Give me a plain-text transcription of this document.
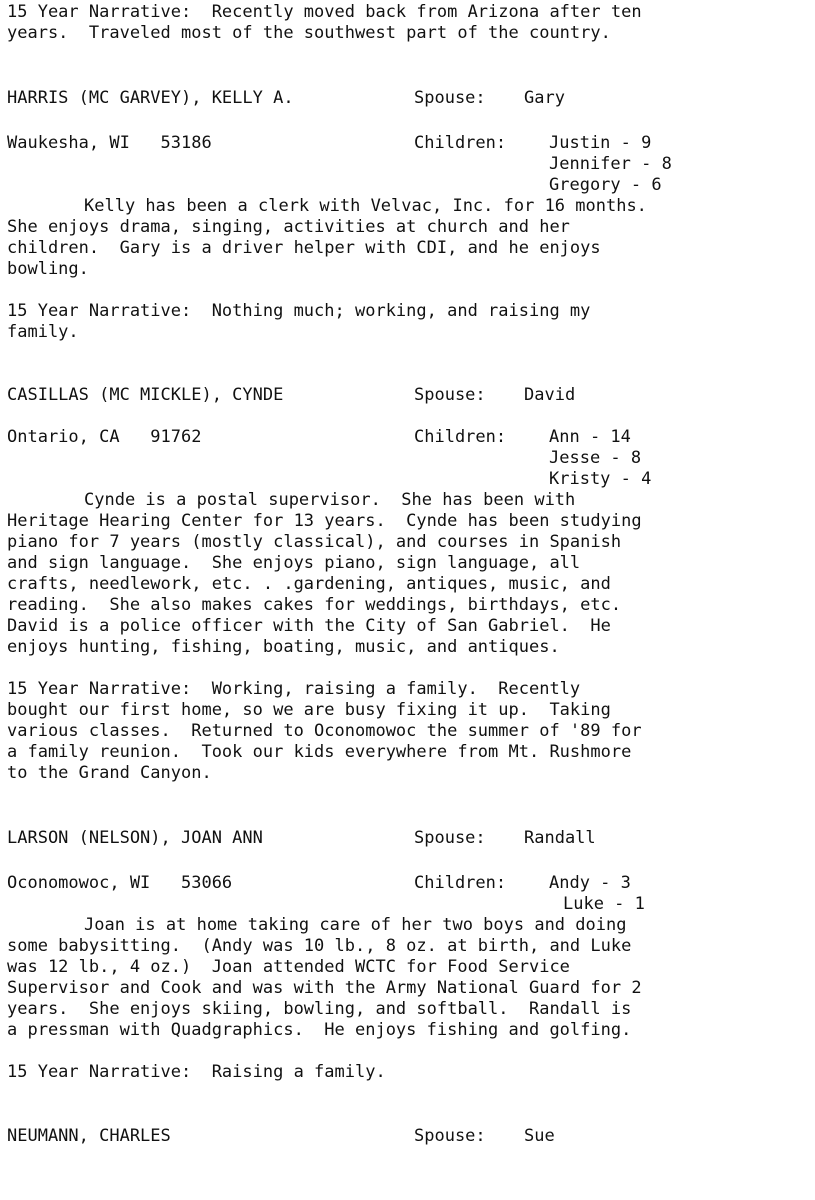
15 Year Narrative:  Recently moved back from Arizona after ten
years.  Traveled most of the southwest part of the country.
HARRIS (MC GARVEY), KELLY A.	Spouse: Gary
Waukesha, WI   53186	Children:	Justin - 9
Jennifer - 8
Gregory - 6
Kelly has been a clerk with Velvac, Inc. for 16 months.
She enjoys drama, singing, activities at church and her
children.  Gary is a driver helper with CDI, and he enjoys
bowling.
15 Year Narrative:  Nothing much; working, and raising my
family.
CASILLAS (MC MICKLE), CYNDE	Spouse: David
Ontario, CA   91762	Children:	Ann - 14
Jesse - 8
Kristy - 4
Cynde is a postal supervisor.  She has been with
Heritage Hearing Center for 13 years.  Cynde has been studying
piano for 7 years (mostly classical), and courses in Spanish
and sign language.  She enjoys piano, sign language, all
crafts, needlework, etc. . .gardening, antiques, music, and
reading.  She also makes cakes for weddings, birthdays, etc.
David is a police officer with the City of San Gabriel.  He
enjoys hunting, fishing, boating, music, and antiques.
15 Year Narrative:  Working, raising a family.  Recently
bought our first home, so we are busy fixing it up.  Taking
various classes.  Returned to Oconomowoc the summer of '89 for
a family reunion.  Took our kids everywhere from Mt. Rushmore
to the Grand Canyon.
LARSON (NELSON), JOAN ANN	Spouse: Randall
Oconomowoc, WI   53066	Children:	Andy - 3
Luke - 1
Joan is at home taking care of her two boys and doing
some babysitting.  (Andy was 10 lb., 8 oz. at birth, and Luke
was 12 lb., 4 oz.)  Joan attended WCTC for Food Service
Supervisor and Cook and was with the Army National Guard for 2
years.  She enjoys skiing, bowling, and softball.  Randall is
a pressman with Quadgraphics.  He enjoys fishing and golfing.
15 Year Narrative:  Raising a family.
NEUMANN, CHARLES	Spouse: Sue
